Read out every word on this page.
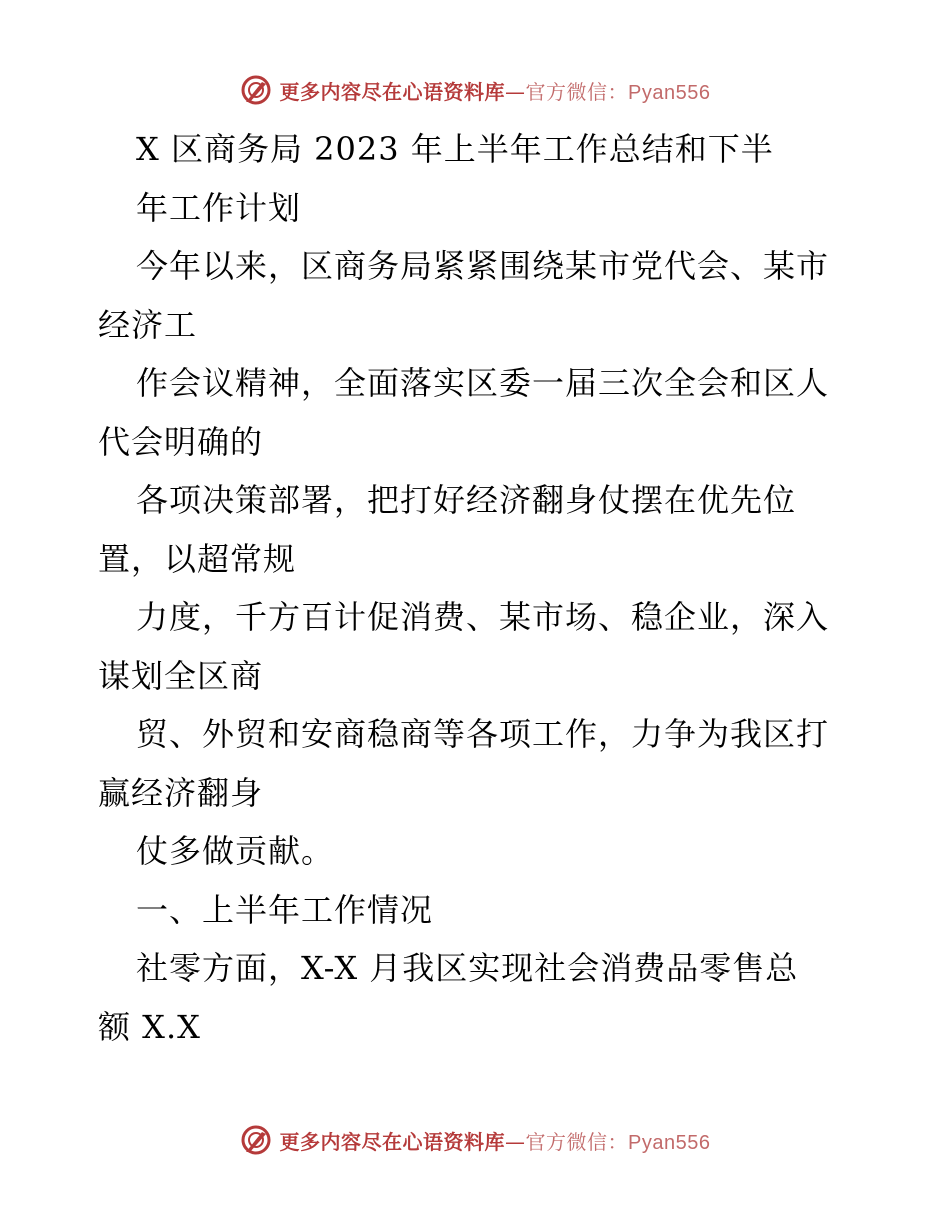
更多内容尽在心语资料库—官方微信：Pyan556
X 区商务局 2023 年上半年工作总结和下半
年工作计划
今年以来，区商务局紧紧围绕某市党代会、某市
经济工
作会议精神，全面落实区委一届三次全会和区人
代会明确的
各项决策部署，把打好经济翻身仗摆在优先位
置，以超常规
力度，千方百计促消费、某市场、稳企业，深入
谋划全区商
贸、外贸和安商稳商等各项工作，力争为我区打
赢经济翻身
仗多做贡献。
一、上半年工作情况
社零方面，X-X 月我区实现社会消费品零售总
额 X.X
更多内容尽在心语资料库—官方微信：Pyan556
